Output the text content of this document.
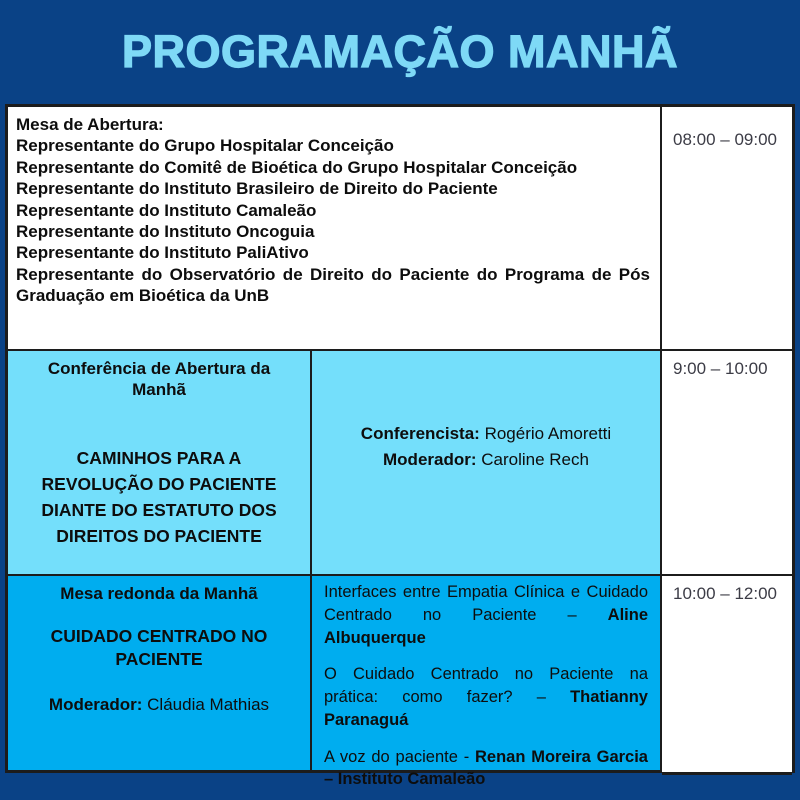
PROGRAMAÇÃO MANHÃ
Mesa de Abertura:
Representante do Grupo Hospitalar Conceição
Representante do Comitê de Bioética do Grupo Hospitalar Conceição
Representante do Instituto Brasileiro de Direito do Paciente
Representante do Instituto Camaleão
Representante do Instituto Oncoguia
Representante do Instituto PaliAtivo
Representante do Observatório de Direito do Paciente do Programa de Pós Graduação em Bioética da UnB
08:00 – 09:00
Conferência de Abertura da Manhã
CAMINHOS PARA A REVOLUÇÃO DO PACIENTE DIANTE DO ESTATUTO DOS DIREITOS DO PACIENTE
Conferencista: Rogério Amoretti
Moderador: Caroline Rech
9:00 – 10:00
Mesa redonda da Manhã
CUIDADO CENTRADO NO PACIENTE
Moderador: Cláudia Mathias

Interfaces entre Empatia Clínica e Cuidado Centrado no Paciente – Aline Albuquerque

O Cuidado Centrado no Paciente na prática: como fazer? – Thatianny Paranaguá

A voz do paciente - Renan Moreira Garcia – Instituto Camaleão

10:00 – 12:00
